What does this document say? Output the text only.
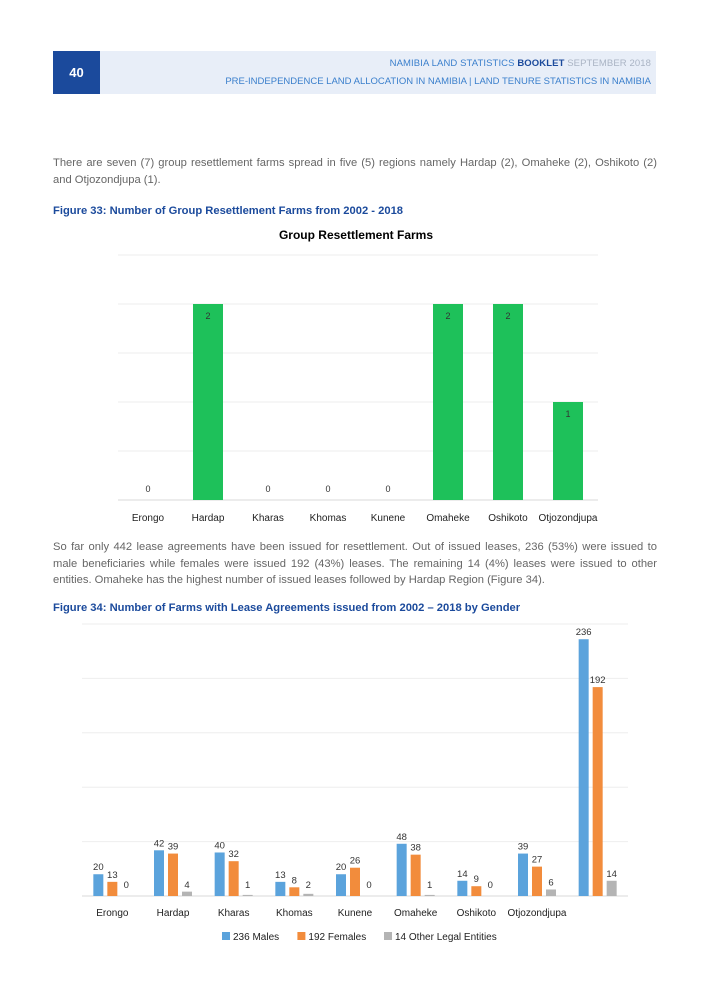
40
NAMIBIA LAND STATISTICS BOOKLET SEPTEMBER 2018
PRE-INDEPENDENCE LAND ALLOCATION IN NAMIBIA | LAND TENURE STATISTICS IN NAMIBIA
There are seven (7) group resettlement farms spread in five (5) regions namely Hardap (2), Omaheke (2), Oshikoto (2) and Otjozondjupa (1).
Figure 33: Number of Group Resettlement Farms from 2002 - 2018
Group Resettlement Farms
0
Erongo
2
Hardap
0
Kharas
0
Khomas
0
Kunene
2
Omaheke
2
Oshikoto
1
Otjozondjupa
So far only 442 lease agreements have been issued for resettlement. Out of issued leases, 236 (53%) were issued to male beneficiaries while females were issued 192 (43%) leases. The remaining 14 (4%) leases were issued to other entities. Omaheke has the highest number of issued leases followed by Hardap Region (Figure 34).
Figure 34: Number of Farms with Lease Agreements issued from 2002 – 2018 by Gender
20
13
0
Erongo
42 39
4
Hardap
40
32
1
Kharas
13 8 2
Khomas
20
26
0
Kunene
48
38
1
Omaheke
14 9
0
Oshikoto
39
27
6
Otjozondjupa
236
192
14
236 Males	192 Females	14 Other Legal Entities
